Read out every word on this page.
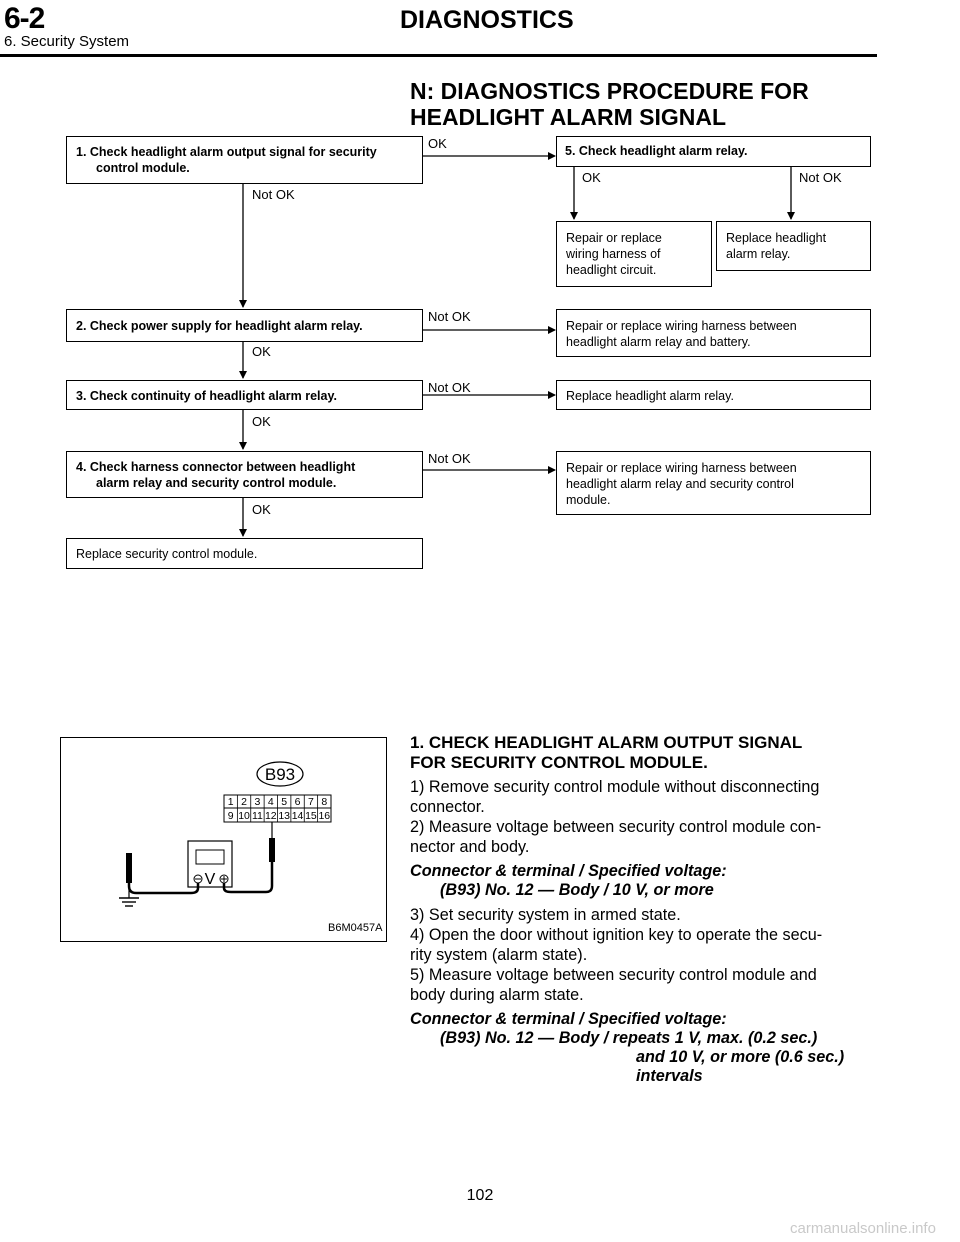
6-2	DIAGNOSTICS
6. Security System
N: DIAGNOSTICS PROCEDURE FOR
HEADLIGHT ALARM SIGNAL
1. Check headlight alarm output signal for security
control module.
OK
Not OK
5. Check headlight alarm relay.
OK	Not OK
Repair or replace
wiring harness of
headlight circuit.
Replace headlight
alarm relay.
2. Check power supply for headlight alarm relay.
Not OK
OK
Repair or replace wiring harness between
headlight alarm relay and battery.
3. Check continuity of headlight alarm relay.
Not OK
OK
Replace headlight alarm relay.
4. Check harness connector between headlight
alarm relay and security control module.
Not OK
OK
Repair or replace wiring harness between
headlight alarm relay and security control
module.
Replace security control module.
B93
1 2 3 4 5 6 7 8
9 10 11 12 13 14 15 16
V
B6M0457A
1. CHECK HEADLIGHT ALARM OUTPUT SIGNAL
FOR SECURITY CONTROL MODULE.
1) Remove security control module without disconnecting
connector.
2) Measure voltage between security control module con-
nector and body.
Connector & terminal / Specified voltage:
(B93) No. 12 — Body / 10 V, or more
3) Set security system in armed state.
4) Open the door without ignition key to operate the secu-
rity system (alarm state).
5) Measure voltage between security control module and
body during alarm state.
Connector & terminal / Specified voltage:
(B93) No. 12 — Body / repeats 1 V, max. (0.2 sec.)
and 10 V, or more (0.6 sec.)
intervals
102
carmanualsonline.info
